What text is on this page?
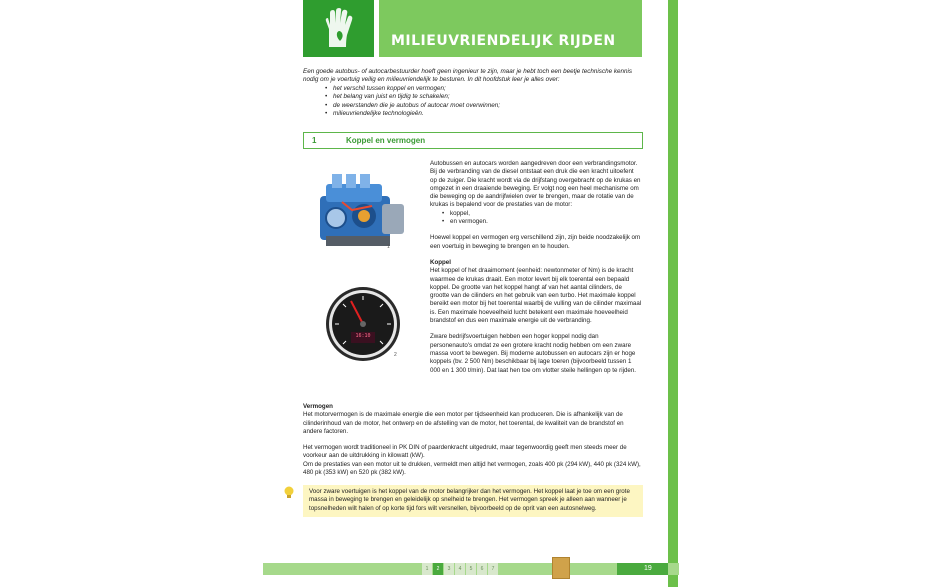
MILIEUVRIENDELIJK RIJDEN

Een goede autobus- of autocarbestuurder hoeft geen ingenieur te zijn, maar je hebt toch een beetje technische kennis nodig om je voertuig veilig en milieuvriendelijk te besturen. In dit hoofdstuk leer je alles over:

• het verschil tussen koppel en vermogen;
• het belang van juist en tijdig te schakelen;
• de weerstanden die je autobus of autocar moet overwinnen;
• milieuvriendelijke technologieën.
1	Koppel en vermogen
1
16:10
2

Autobussen en autocars worden aangedreven door een verbrandingsmotor. Bij de verbranding van de diesel ontstaat een druk die een kracht uitoefent op de zuiger. Die kracht wordt via de drijfstang overgebracht op de krukas en omgezet in een draaiende beweging. Er volgt nog een heel mechanisme om die beweging op de aandrijfwielen over te brengen, maar de rotatie van de krukas is bepalend voor de prestaties van de motor:

• koppel,
• en vermogen.

Hoewel koppel en vermogen erg verschillend zijn, zijn beide noodzakelijk om een voertuig in beweging te brengen en te houden.

Koppel

Het koppel of het draaimoment (eenheid: newtonmeter of Nm) is de kracht waarmee de krukas draait. Een motor levert bij elk toerental een bepaald koppel. De grootte van het koppel hangt af van het aantal cilinders, de grootte van de cilinders en het gebruik van een turbo. Het maximale koppel bereikt een motor bij het toerental waarbij de vulling van de cilinder maximaal is. Een maximale hoeveelheid lucht betekent een maximale hoeveelheid brandstof en dus een maximale energie uit de verbranding.

Zware bedrijfsvoertuigen hebben een hoger koppel nodig dan personenauto's omdat ze een grotere kracht nodig hebben om een zware massa voort te bewegen. Bij moderne autobussen en autocars zijn er hoge koppels (bv. 2 500 Nm) beschikbaar bij lage toeren (bijvoorbeeld tussen 1 000 en 1 300 t/min). Dat laat hen toe om vlotter steile hellingen op te rijden.

Vermogen

Het motorvermogen is de maximale energie die een motor per tijdseenheid kan produceren. Die is afhankelijk van de cilinderinhoud van de motor, het ontwerp en de afstelling van de motor, het toerental, de kwaliteit van de brandstof en andere factoren.

Het vermogen wordt traditioneel in PK DIN of paardenkracht uitgedrukt, maar tegenwoordig geeft men steeds meer de voorkeur aan de uitdrukking in kilowatt (kW).

Om de prestaties van een motor uit te drukken, vermeldt men altijd het vermogen, zoals 400 pk (294 kW), 440 pk (324 kW), 480 pk (353 kW) en 520 pk (382 kW).

Voor zware voertuigen is het koppel van de motor belangrijker dan het vermogen. Het koppel laat je toe om een grote massa in beweging te brengen en geleidelijk op snelheid te brengen. Het vermogen spreek je alleen aan wanneer je topsnelheden wilt halen of op korte tijd fors wilt versnellen, bijvoorbeeld op de oprit van een autosnelweg.

1	2	3	4	5	6	7	19
